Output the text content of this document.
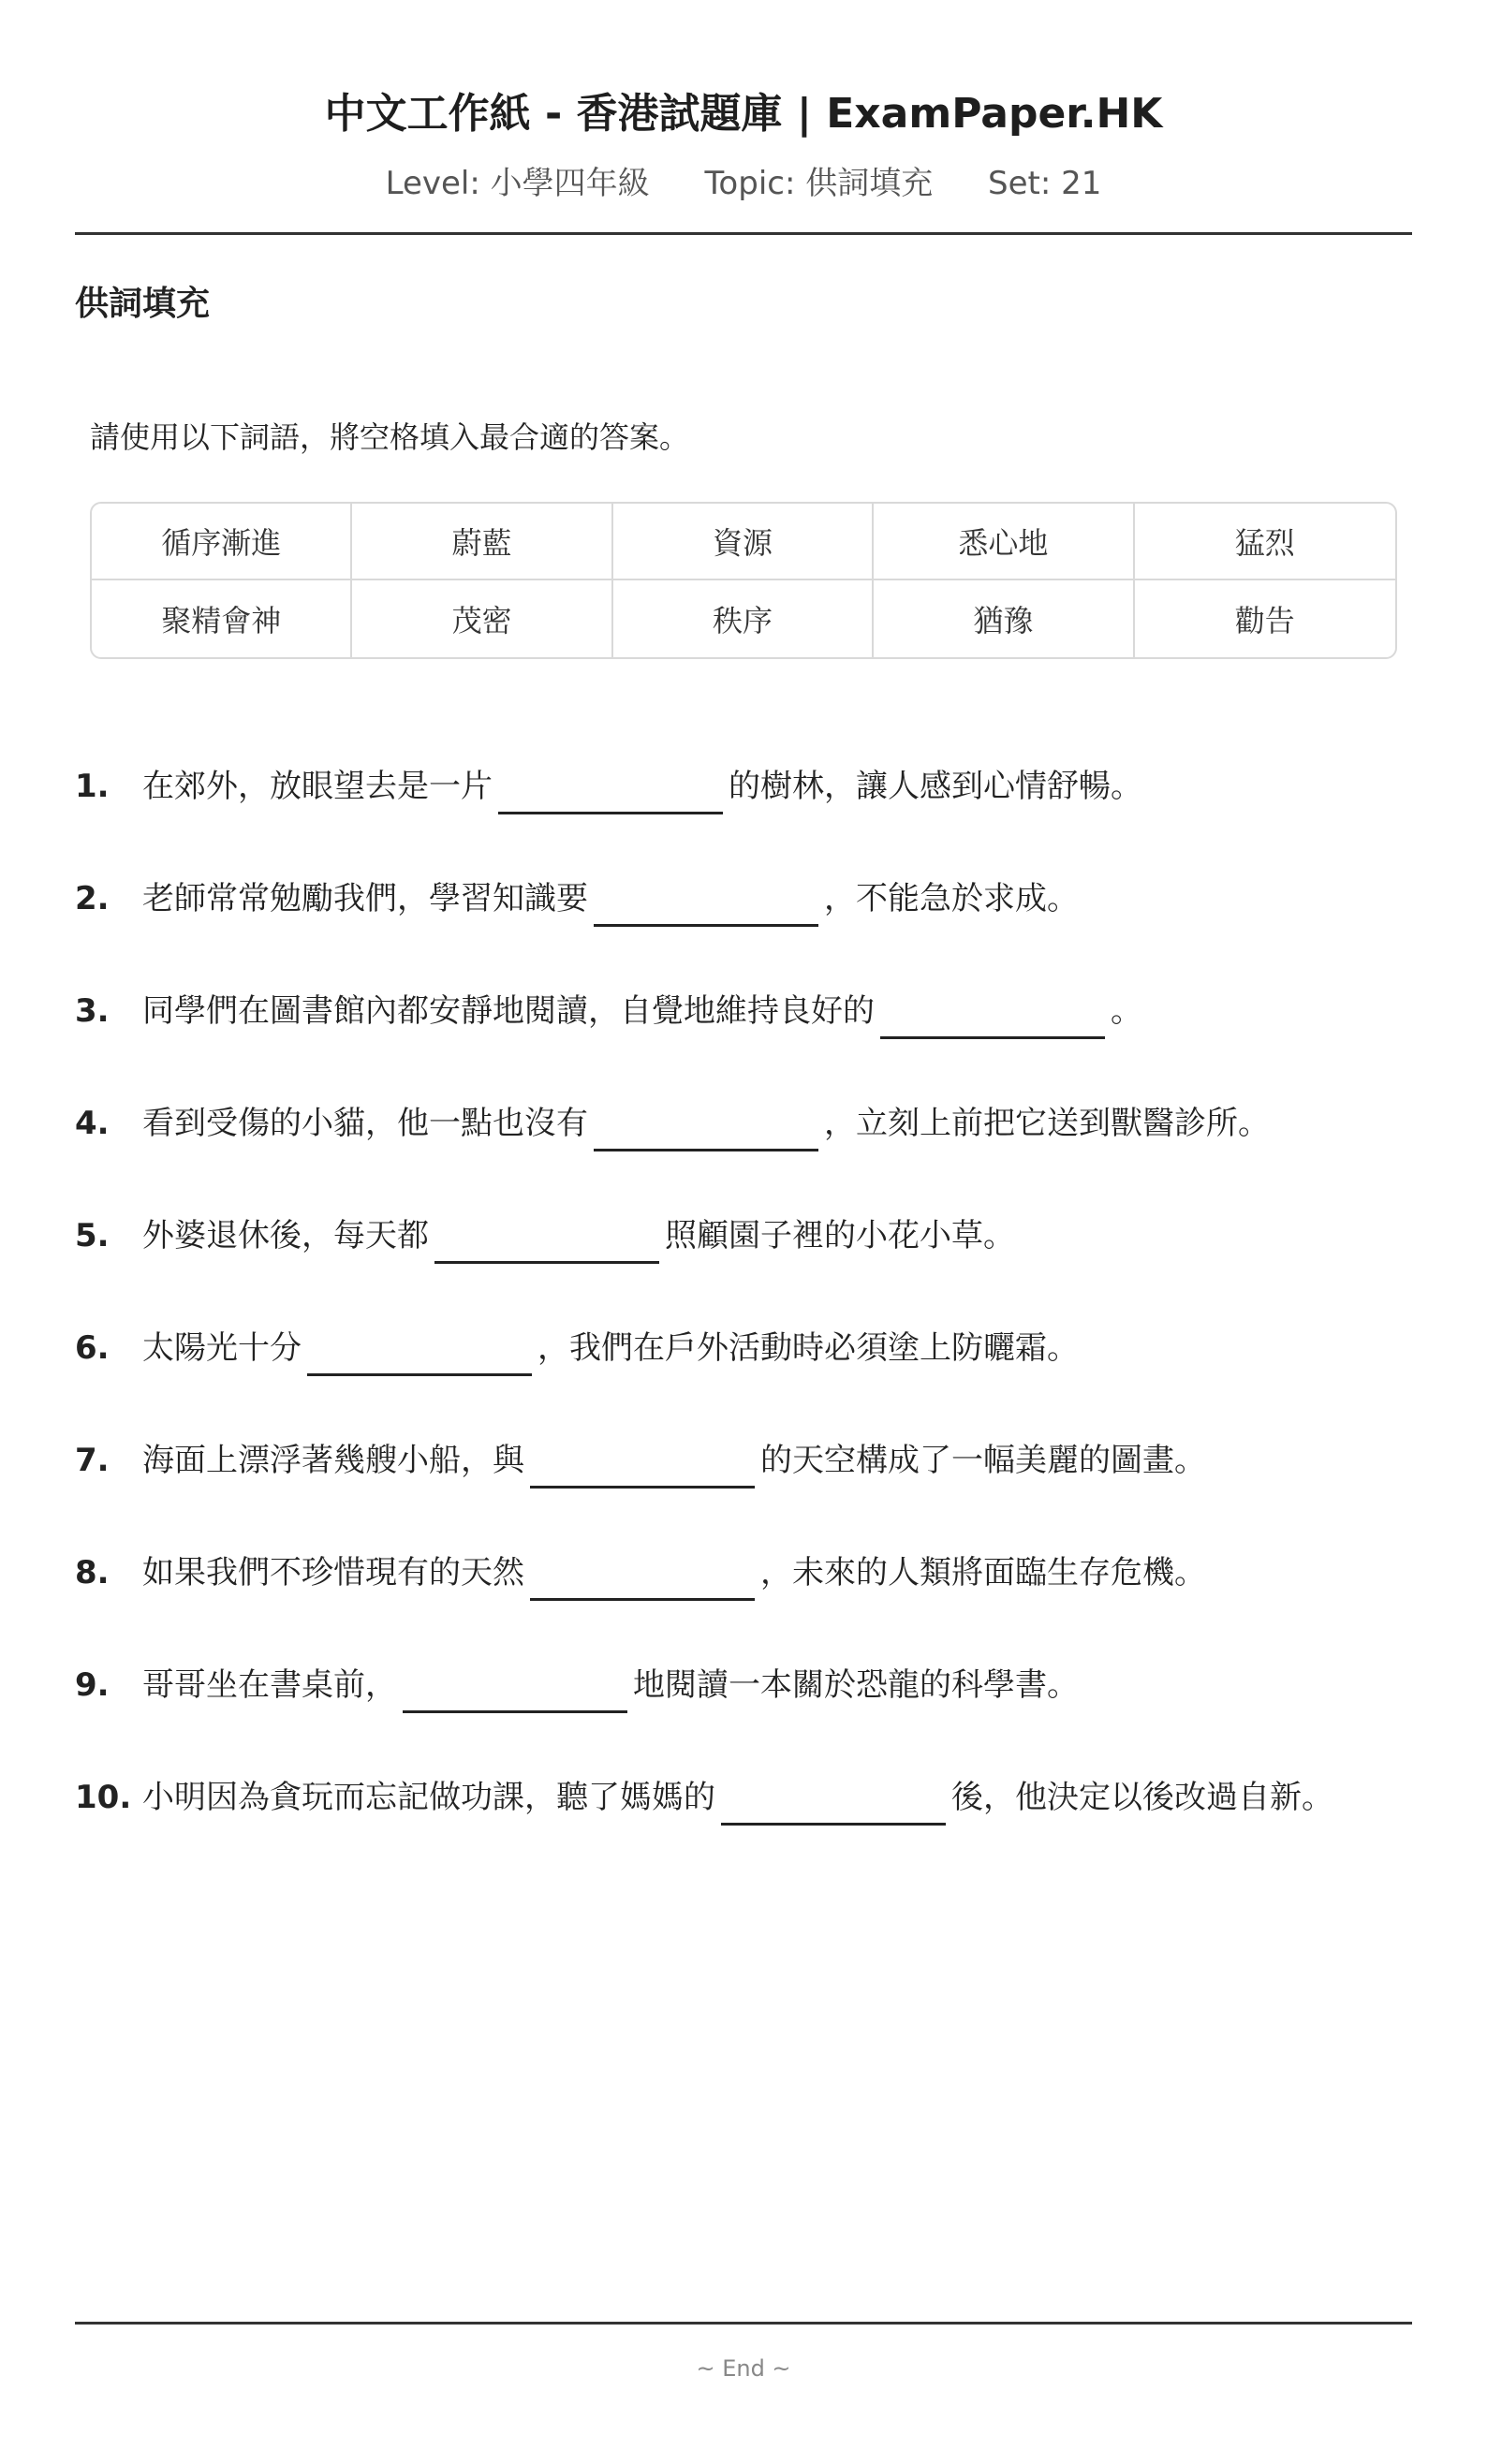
中文工作紙 - 香港試題庫 | ExamPaper.HK
Level: 小學四年級 Topic: 供詞填充 Set: 21
供詞填充
請使用以下詞語，將空格填入最合適的答案。
循序漸進	蔚藍	資源	悉心地	猛烈
聚精會神	茂密	秩序	猶豫	勸告
1.	在郊外，放眼望去是一片	的樹林，讓人感到心情舒暢。
2.	老師常常勉勵我們，學習知識要	，不能急於求成。
3.	同學們在圖書館內都安靜地閱讀，自覺地維持良好的	。
4.	看到受傷的小貓，他一點也沒有	，立刻上前把它送到獸醫診所。
5.	外婆退休後，每天都	照顧園子裡的小花小草。
6.	太陽光十分	，我們在戶外活動時必須塗上防曬霜。
7.	海面上漂浮著幾艘小船，與	的天空構成了一幅美麗的圖畫。
8.	如果我們不珍惜現有的天然	，未來的人類將面臨生存危機。
9.	哥哥坐在書桌前，	地閱讀一本關於恐龍的科學書。
10. 小明因為貪玩而忘記做功課，聽了媽媽的	後，他決定以後改過自新。
~ End ~
